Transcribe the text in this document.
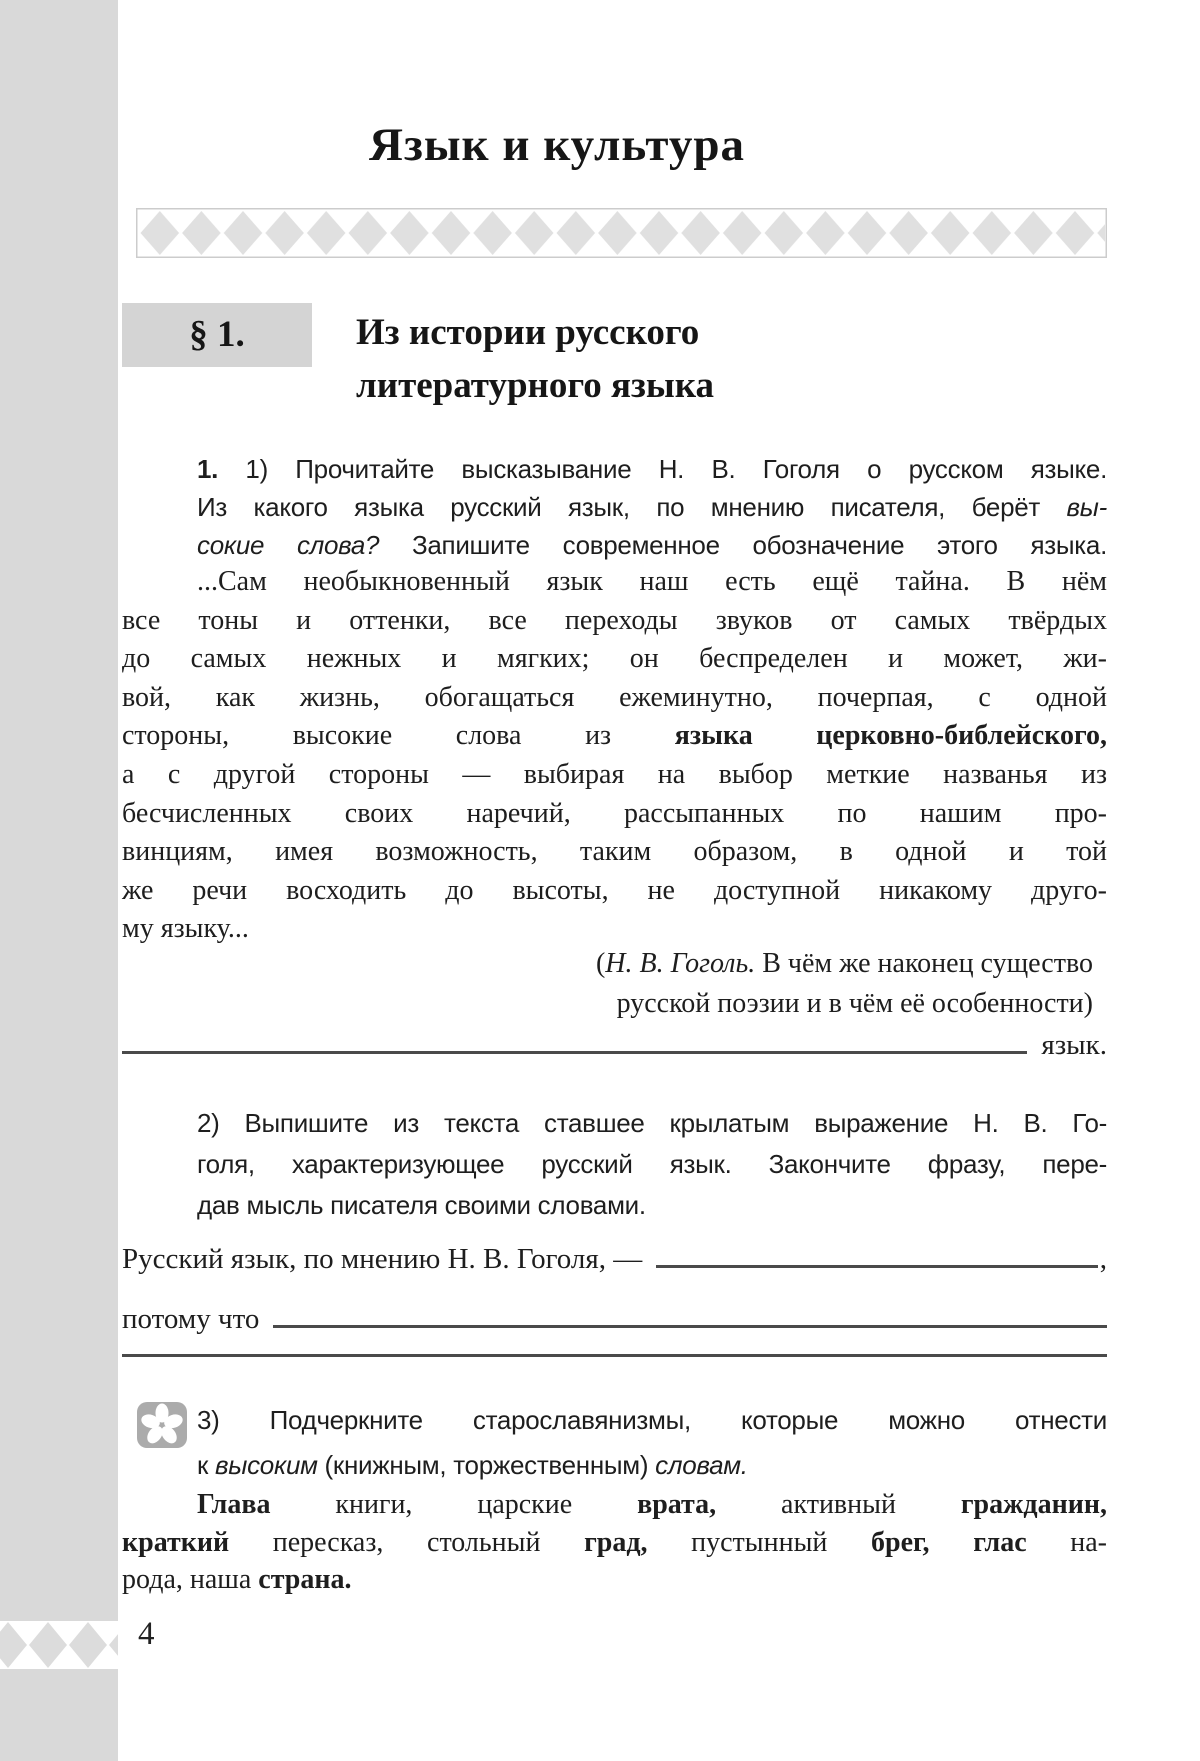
Язык и культура
§ 1.	Из истории русского
литературного языка
1. 1) Прочитайте высказывание Н. В. Гоголя о русском языке.
Из какого языка русский язык, по мнению писателя, берёт вы-
сокие слова? Запишите современное обозначение этого языка.
...Сам необыкновенный язык наш есть ещё тайна. В нём
все тоны и оттенки, все переходы звуков от самых твёрдых
до самых нежных и мягких; он беспределен и может, жи-
вой, как жизнь, обогащаться ежеминутно, почерпая, с одной
стороны, высокие слова из языка церковно-библейского,
а с другой стороны — выбирая на выбор меткие названья из
бесчисленных своих наречий, рассыпанных по нашим про-
винциям, имея возможность, таким образом, в одной и той
же речи восходить до высоты, не доступной никакому друго-
му языку...
(Н. В. Гоголь. В чём же наконец существо
русской поэзии и в чём её особенности)
язык.
2) Выпишите из текста ставшее крылатым выражение Н. В. Го-
голя, характеризующее русский язык. Закончите фразу, пере-
дав мысль писателя своими словами.
Русский язык, по мнению Н. В. Гоголя, —	,
потому что
3) Подчеркните старославянизмы, которые можно отнести
к высоким (книжным, торжественным) словам.
Глава книги, царские врата, активный гражданин,
краткий пересказ, стольный град, пустынный брег, глас на-
рода, наша страна.
4
